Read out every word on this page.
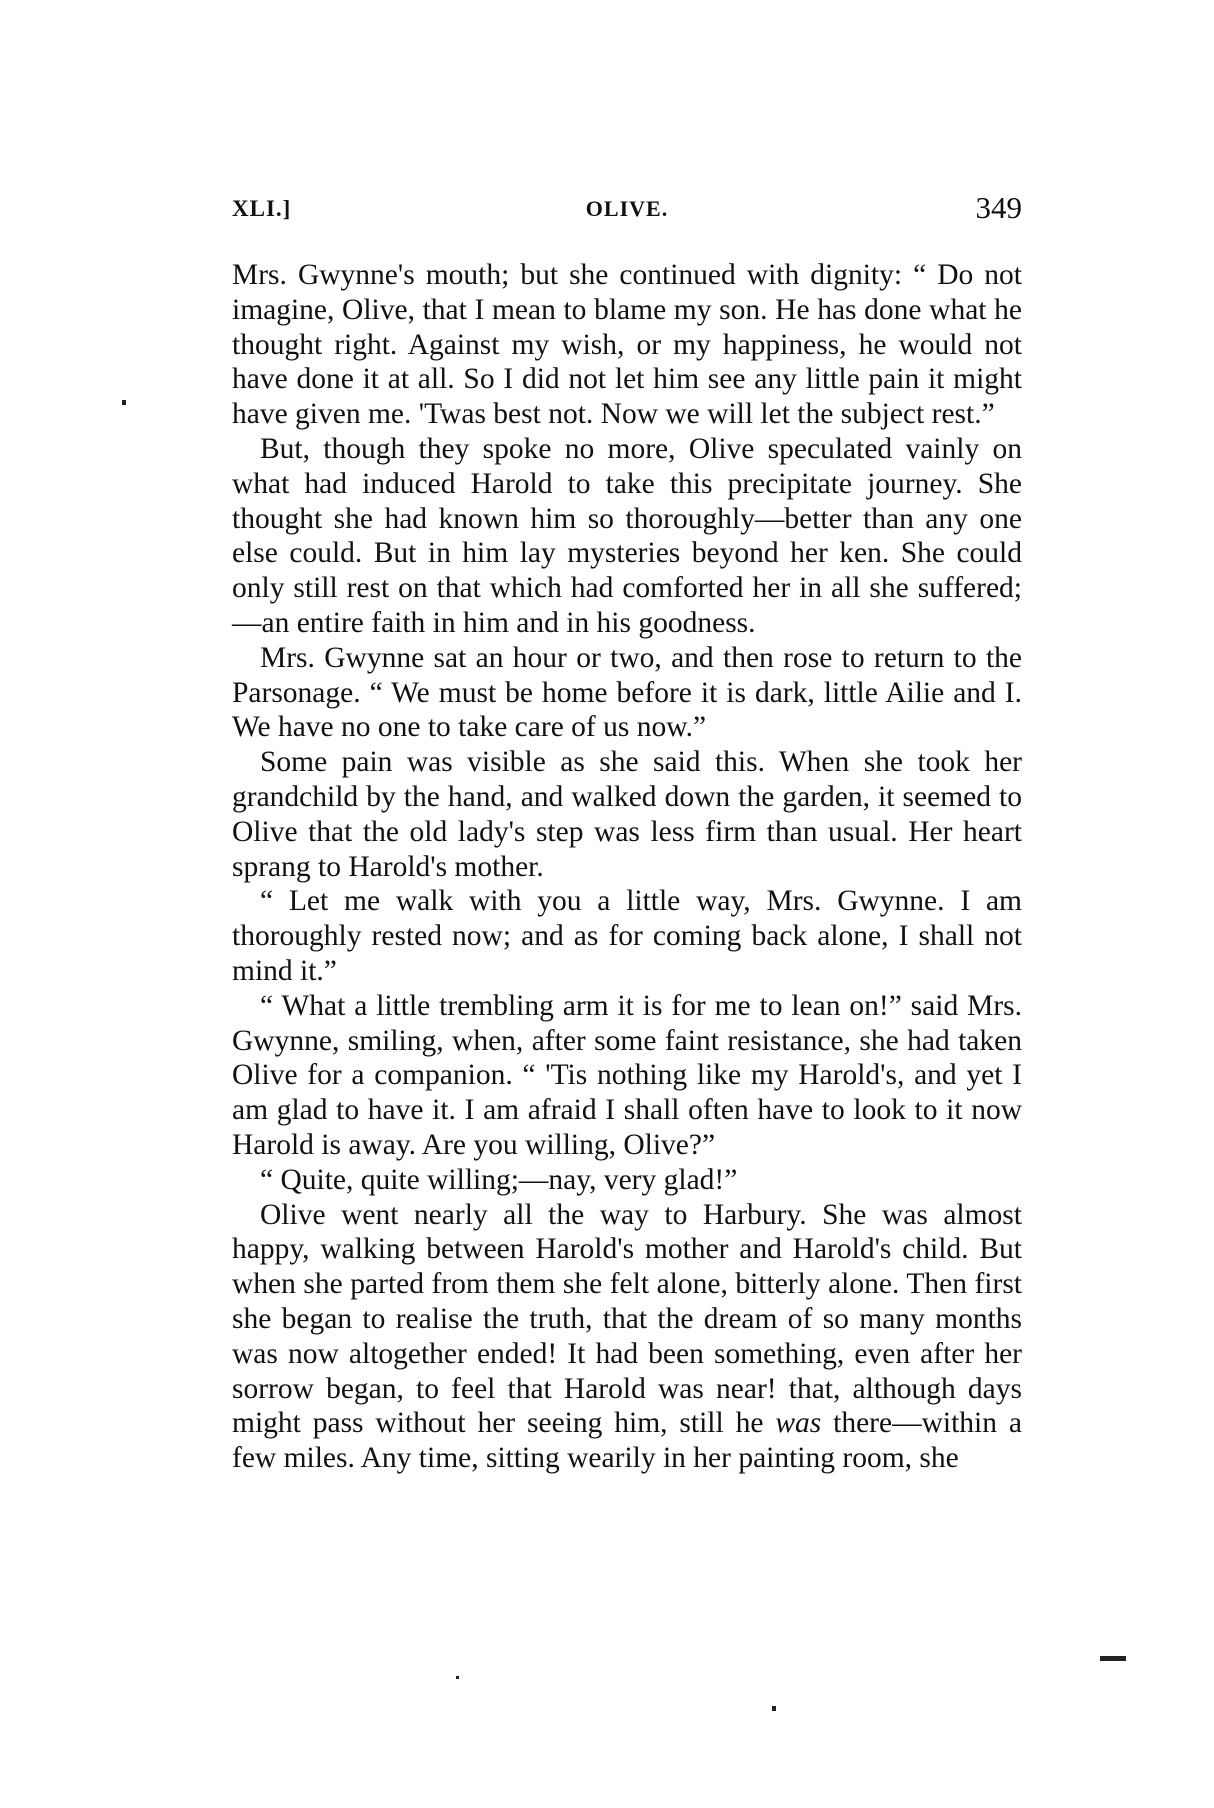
XLI.]	OLIVE.	349

Mrs. Gwynne's mouth; but she continued with dignity: “ Do not imagine, Olive, that I mean to blame my son. He has done what he thought right. Against my wish, or my happiness, he would not have done it at all. So I did not let him see any little pain it might have given me. 'Twas best not. Now we will let the subject rest.”

But, though they spoke no more, Olive speculated vainly on what had induced Harold to take this precipitate journey. She thought she had known him so thoroughly—better than any one else could. But in him lay mysteries beyond her ken. She could only still rest on that which had comforted her in all she suffered;—an entire faith in him and in his goodness.

Mrs. Gwynne sat an hour or two, and then rose to return to the Parsonage. “ We must be home before it is dark, little Ailie and I. We have no one to take care of us now.”

Some pain was visible as she said this. When she took her grandchild by the hand, and walked down the garden, it seemed to Olive that the old lady's step was less firm than usual. Her heart sprang to Harold's mother.

“ Let me walk with you a little way, Mrs. Gwynne. I am thoroughly rested now; and as for coming back alone, I shall not mind it.”

“ What a little trembling arm it is for me to lean on!” said Mrs. Gwynne, smiling, when, after some faint resistance, she had taken Olive for a companion. “ 'Tis nothing like my Harold's, and yet I am glad to have it. I am afraid I shall often have to look to it now Harold is away. Are you willing, Olive?”

“ Quite, quite willing;—nay, very glad!”

Olive went nearly all the way to Harbury. She was almost happy, walking between Harold's mother and Harold's child. But when she parted from them she felt alone, bitterly alone. Then first she began to realise the truth, that the dream of so many months was now altogether ended! It had been something, even after her sorrow began, to feel that Harold was near! that, although days might pass without her seeing him, still he was there—within a few miles. Any time, sitting wearily in her painting room, she
